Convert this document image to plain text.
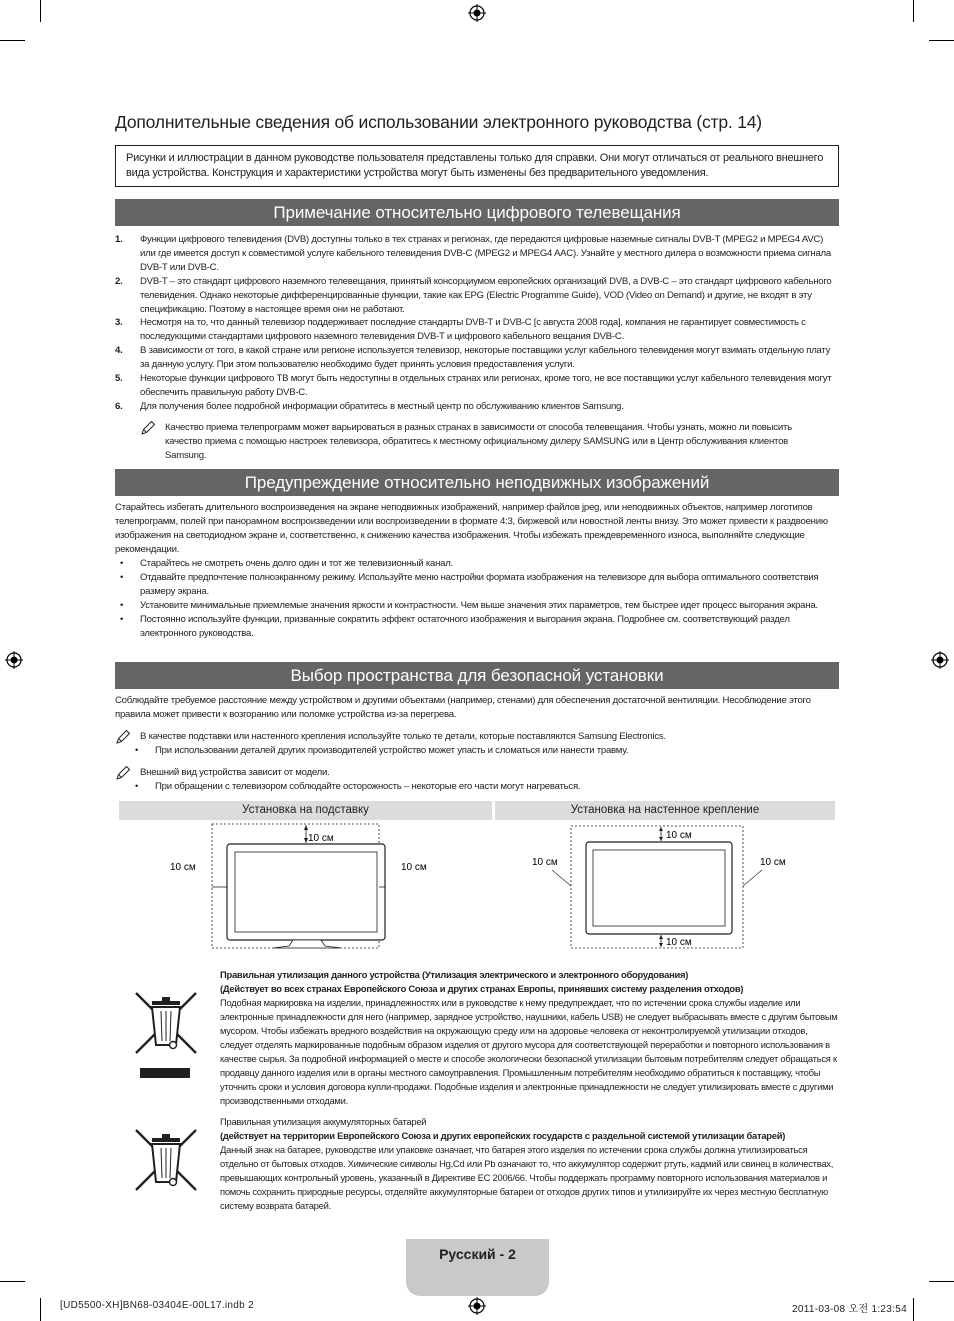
Дополнительные сведения об использовании электронного руководства (стр. 14)
Рисунки и иллюстрации в данном руководстве пользователя представлены только для справки. Они могут отличаться от реального внешнего вида устройства. Конструкция и характеристики устройства могут быть изменены без предварительного уведомления.
Примечание относительно цифрового телевещания
1. Функции цифрового телевидения (DVB) доступны только в тех странах и регионах, где передаются цифровые наземные сигналы DVB-T (MPEG2 и MPEG4 AVC) или где имеется доступ к совместимой услуге кабельного телевидения DVB-C (MPEG2 и MPEG4 AAC). Узнайте у местного дилера о возможности приема сигнала DVB-T или DVB-C.
2. DVB-T – это стандарт цифрового наземного телевещания, принятый консорциумом европейских организаций DVB, а DVB-C – это стандарт цифрового кабельного телевидения. Однако некоторые дифференцированные функции, такие как EPG (Electric Programme Guide), VOD (Video on Demand) и другие, не входят в эту спецификацию. Поэтому в настоящее время они не работают.
3. Несмотря на то, что данный телевизор поддерживает последние стандарты DVB-T и DVB-C [с августа 2008 года], компания не гарантирует совместимость с последующими стандартами цифрового наземного телевидения DVB-T и цифрового кабельного вещания DVB-C.
4. В зависимости от того, в какой стране или регионе используется телевизор, некоторые поставщики услуг кабельного телевидения могут взимать отдельную плату за данную услугу. При этом пользователю необходимо будет принять условия предоставления услуги.
5. Некоторые функции цифрового ТВ могут быть недоступны в отдельных странах или регионах, кроме того, не все поставщики услуг кабельного телевидения могут обеспечить правильную работу DVB-C.
6. Для получения более подробной информации обратитесь в местный центр по обслуживанию клиентов Samsung.
Качество приема телепрограмм может варьироваться в разных странах в зависимости от способа телевещания. Чтобы узнать, можно ли повысить качество приема с помощью настроек телевизора, обратитесь к местному официальному дилеру SAMSUNG или в Центр обслуживания клиентов Samsung.
Предупреждение относительно неподвижных изображений

Старайтесь избегать длительного воспроизведения на экране неподвижных изображений, например файлов jpeg, или неподвижных объектов, например логотипов телепрограмм, полей при панорамном воспроизведении или воспроизведении в формате 4:3, биржевой или новостной ленты внизу. Это может привести к раздвоению изображения на светодиодном экране и, соответственно, к снижению качества изображения. Чтобы избежать преждевременного износа, выполняйте следующие рекомендации.

• Старайтесь не смотреть очень долго один и тот же телевизионный канал.
• Отдавайте предпочтение полноэкранному режиму. Используйте меню настройки формата изображения на телевизоре для выбора оптимального соответствия размеру экрана.
• Установите минимальные приемлемые значения яркости и контрастности. Чем выше значения этих параметров, тем быстрее идет процесс выгорания экрана.
• Постоянно используйте функции, призванные сократить эффект остаточного изображения и выгорания экрана. Подробнее см. соответствующий раздел электронного руководства.
Выбор пространства для безопасной установки

Соблюдайте требуемое расстояние между устройством и другими объектами (например, стенами) для обеспечения достаточной вентиляции. Несоблюдение этого правила может привести к возгоранию или поломке устройства из-за перегрева.

В качестве подставки или настенного крепления используйте только те детали, которые поставляются Samsung Electronics.
• При использовании деталей других производителей устройство может упасть и сломаться или нанести травму.
Внешний вид устройства зависит от модели.
• При обращении с телевизором соблюдайте осторожность – некоторые его части могут нагреваться.
Установка на подставку	Установка на настенное крепление
10 см
10 см	10 см
10 см
10 см	10 см
10 см
Правильная утилизация данного устройства (Утилизация электрического и электронного оборудования)
(Действует во всех странах Европейского Союза и других странах Европы, принявших систему разделения отходов)
Подобная маркировка на изделии, принадлежностях или в руководстве к нему предупреждает, что по истечении срока службы изделие или электронные принадлежности для него (например, зарядное устройство, наушники, кабель USB) не следует выбрасывать вместе с другим бытовым мусором. Чтобы избежать вредного воздействия на окружающую среду или на здоровье человека от неконтролируемой утилизации отходов, следует отделять маркированные подобным образом изделия от другого мусора для соответствующей переработки и повторного использования в качестве сырья. За подробной информацией о месте и способе экологически безопасной утилизации бытовым потребителям следует обращаться к продавцу данного изделия или в органы местного самоуправления. Промышленным потребителям необходимо обратиться к поставщику, чтобы уточнить сроки и условия договора купли-продажи. Подобные изделия и электронные принадлежности не следует утилизировать вместе с другими производственными отходами.
Правильная утилизация аккумуляторных батарей
(действует на территории Европейского Союза и других европейских государств с раздельной системой утилизации батарей)
Данный знак на батарее, руководстве или упаковке означает, что батарея этого изделия по истечении срока службы должна утилизироваться отдельно от бытовых отходов. Химические символы Hg,Cd или Pb означают то, что аккумулятор содержит ртуть, кадмий или свинец в количествах, превышающих контрольный уровень, указанный в Директиве ЕС 2006/66. Чтобы поддержать программу повторного использования материалов и помочь сохранить природные ресурсы, отделяйте аккумуляторные батареи от отходов других типов и утилизируйте их через местную бесплатную систему возврата батарей.
Русский - 2
[UD5500-XH]BN68-03404E-00L17.indb 2	2011-03-08 오전 1:23:54
